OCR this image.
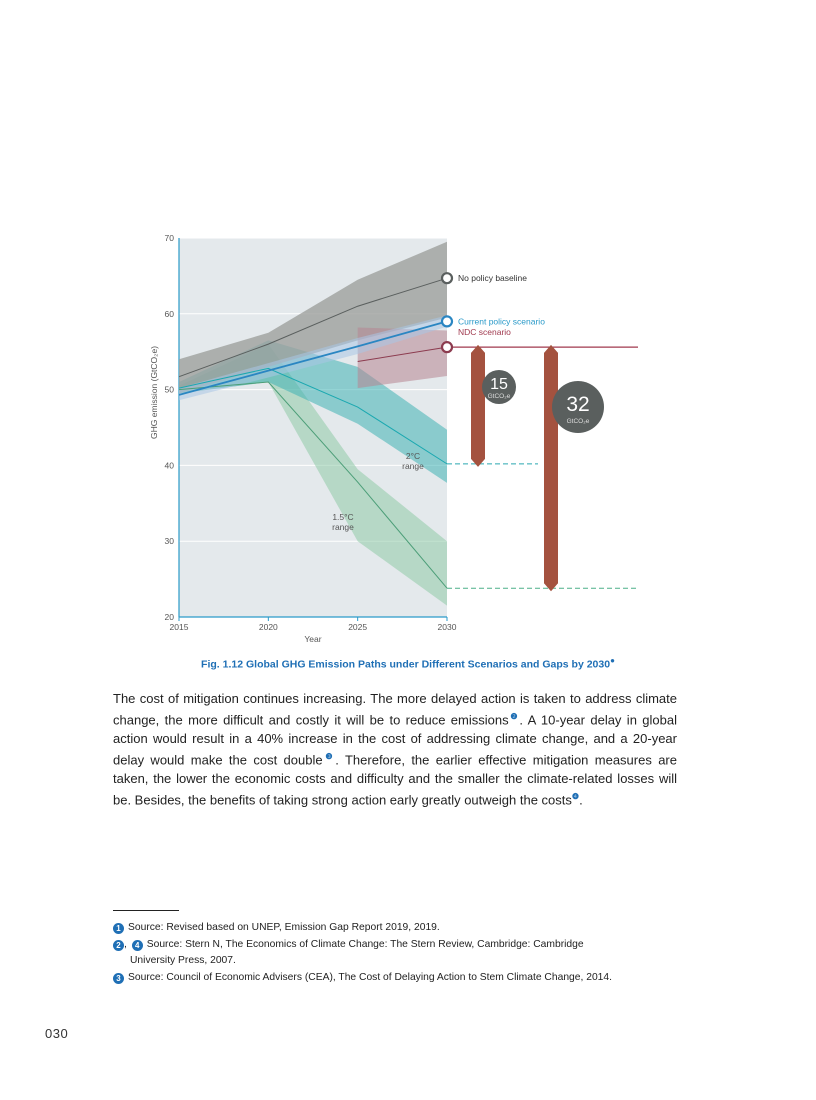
20
30
40
50
60
70
2015	2020	2025	2030
Year
GHG emission (GtCO₂e)
No policy baseline
Current policy scenario
NDC scenario
15
GtCO₂e	32
GtCO₂e
2°C
range
1.5°C
range
Fig. 1.12 Global GHG Emission Paths under Different Scenarios and Gaps by 2030●
The cost of mitigation continues increasing. The more delayed action is taken to address climate change, the more difficult and costly it will be to reduce emissions$^❷$. A 10-year delay in global action would result in a 40% increase in the cost of addressing climate change, and a 20-year delay would make the cost double$^❸$. Therefore, the earlier effective mitigation measures are taken, the lower the economic costs and difficulty and the smaller the climate-related losses will be. Besides, the benefits of taking strong action early greatly outweigh the costs$^❹$.
1 Source: Revised based on UNEP, Emission Gap Report 2019, 2019.
2 , 4 Source: Stern N, The Economics of Climate Change: The Stern Review, Cambridge: Cambridge
University Press, 2007.
3 Source: Council of Economic Advisers (CEA), The Cost of Delaying Action to Stem Climate Change, 2014.
030
